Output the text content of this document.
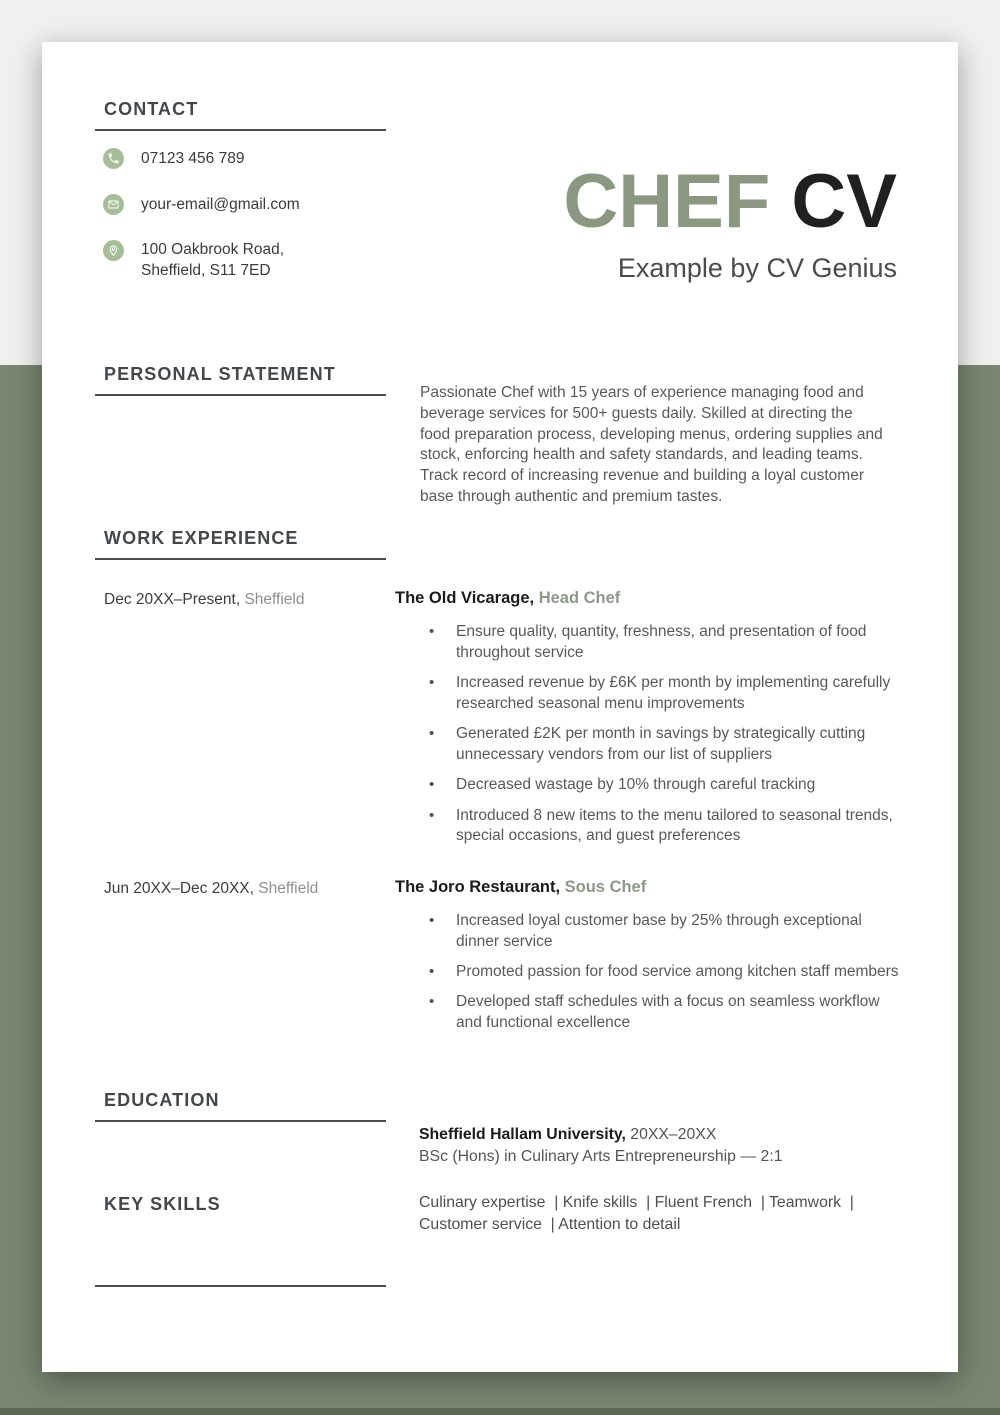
CONTACT
07123 456 789
your-email@gmail.com
100 Oakbrook Road,
Sheffield, S11 7ED
CHEF CV
Example by CV Genius
PERSONAL STATEMENT
Passionate Chef with 15 years of experience managing food and beverage services for 500+ guests daily. Skilled at directing the food preparation process, developing menus, ordering supplies and stock, enforcing health and safety standards, and leading teams. Track record of increasing revenue and building a loyal customer base through authentic and premium tastes.
WORK EXPERIENCE
Dec 20XX–Present, Sheffield	The Old Vicarage, Head Chef
• Ensure quality, quantity, freshness, and presentation of food throughout service
• Increased revenue by £6K per month by implementing carefully researched seasonal menu improvements
• Generated £2K per month in savings by strategically cutting unnecessary vendors from our list of suppliers
• Decreased wastage by 10% through careful tracking
• Introduced 8 new items to the menu tailored to seasonal trends, special occasions, and guest preferences
Jun 20XX–Dec 20XX, Sheffield	The Joro Restaurant, Sous Chef
• Increased loyal customer base by 25% through exceptional dinner service
• Promoted passion for food service among kitchen staff members
• Developed staff schedules with a focus on seamless workflow and functional excellence
EDUCATION
Sheffield Hallam University, 20XX–20XX
BSc (Hons) in Culinary Arts Entrepreneurship — 2:1
KEY SKILLS	Culinary expertise  | Knife skills  | Fluent French  | Teamwork  | Customer service  | Attention to detail
